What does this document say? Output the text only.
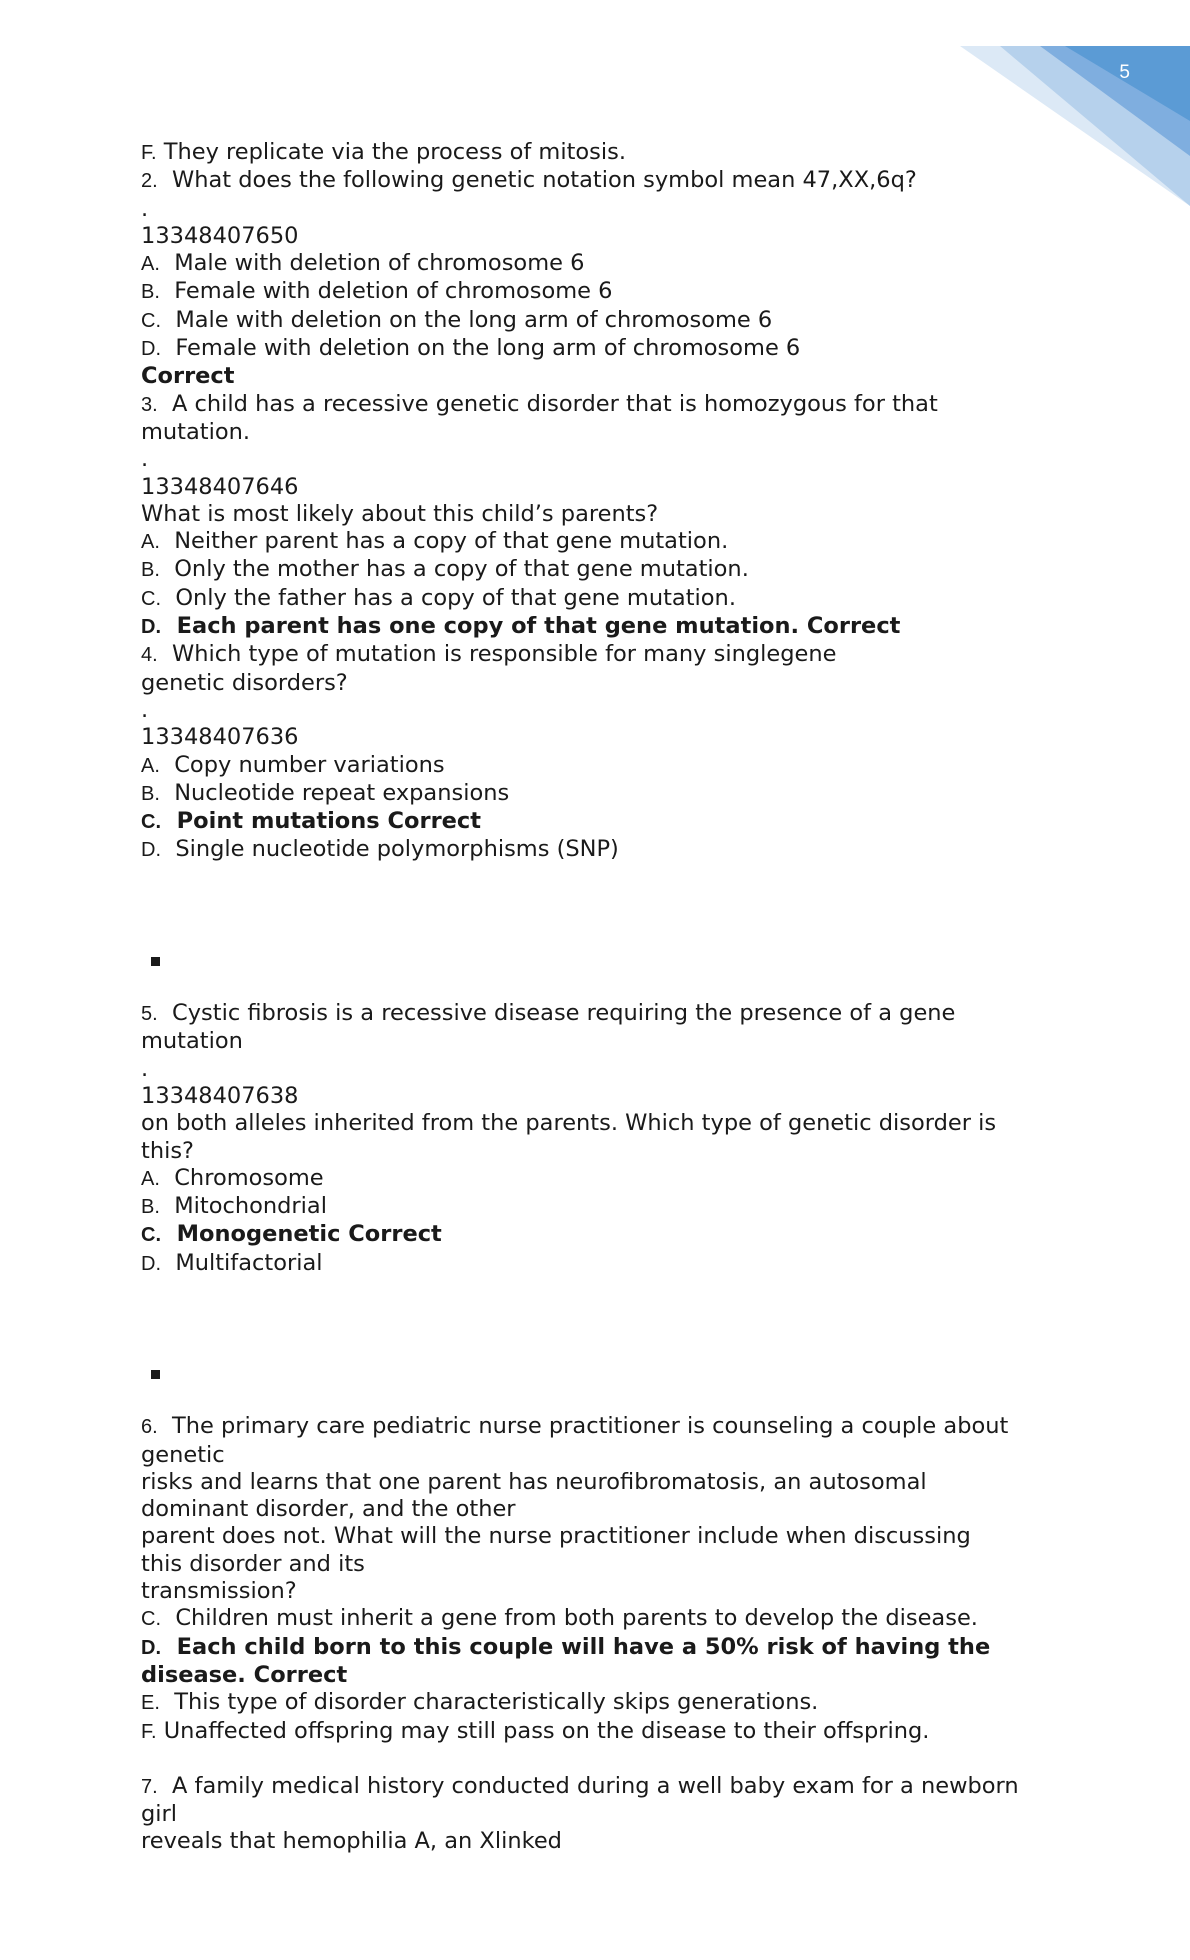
5
F. They replicate via the process of mitosis.
2. What does the following genetic notation symbol mean 47,XX,6q?
.
13348407650
A. Male with deletion of chromosome 6
B. Female with deletion of chromosome 6
C. Male with deletion on the long arm of chromosome 6
D. Female with deletion on the long arm of chromosome 6
Correct
3. A child has a recessive genetic disorder that is homozygous for that
mutation.
.
13348407646
What is most likely about this child’s parents?
A. Neither parent has a copy of that gene mutation.
B. Only the mother has a copy of that gene mutation.
C. Only the father has a copy of that gene mutation.
D. Each parent has one copy of that gene mutation. Correct
4. Which type of mutation is responsible for many singlegene
genetic disorders?
.
13348407636
A. Copy number variations
B. Nucleotide repeat expansions
C. Point mutations Correct
D. Single nucleotide polymorphisms (SNP)
5. Cystic fibrosis is a recessive disease requiring the presence of a gene
mutation
.
13348407638
on both alleles inherited from the parents. Which type of genetic disorder is
this?
A. Chromosome
B. Mitochondrial
C. Monogenetic Correct
D. Multifactorial
6. The primary care pediatric nurse practitioner is counseling a couple about
genetic
risks and learns that one parent has neurofibromatosis, an autosomal
dominant disorder, and the other
parent does not. What will the nurse practitioner include when discussing
this disorder and its
transmission?
C. Children must inherit a gene from both parents to develop the disease.
D. Each child born to this couple will have a 50% risk of having the
disease. Correct
E. This type of disorder characteristically skips generations.
F. Unaffected offspring may still pass on the disease to their offspring.
7. A family medical history conducted during a well baby exam for a newborn
girl
reveals that hemophilia A, an Xlinked
